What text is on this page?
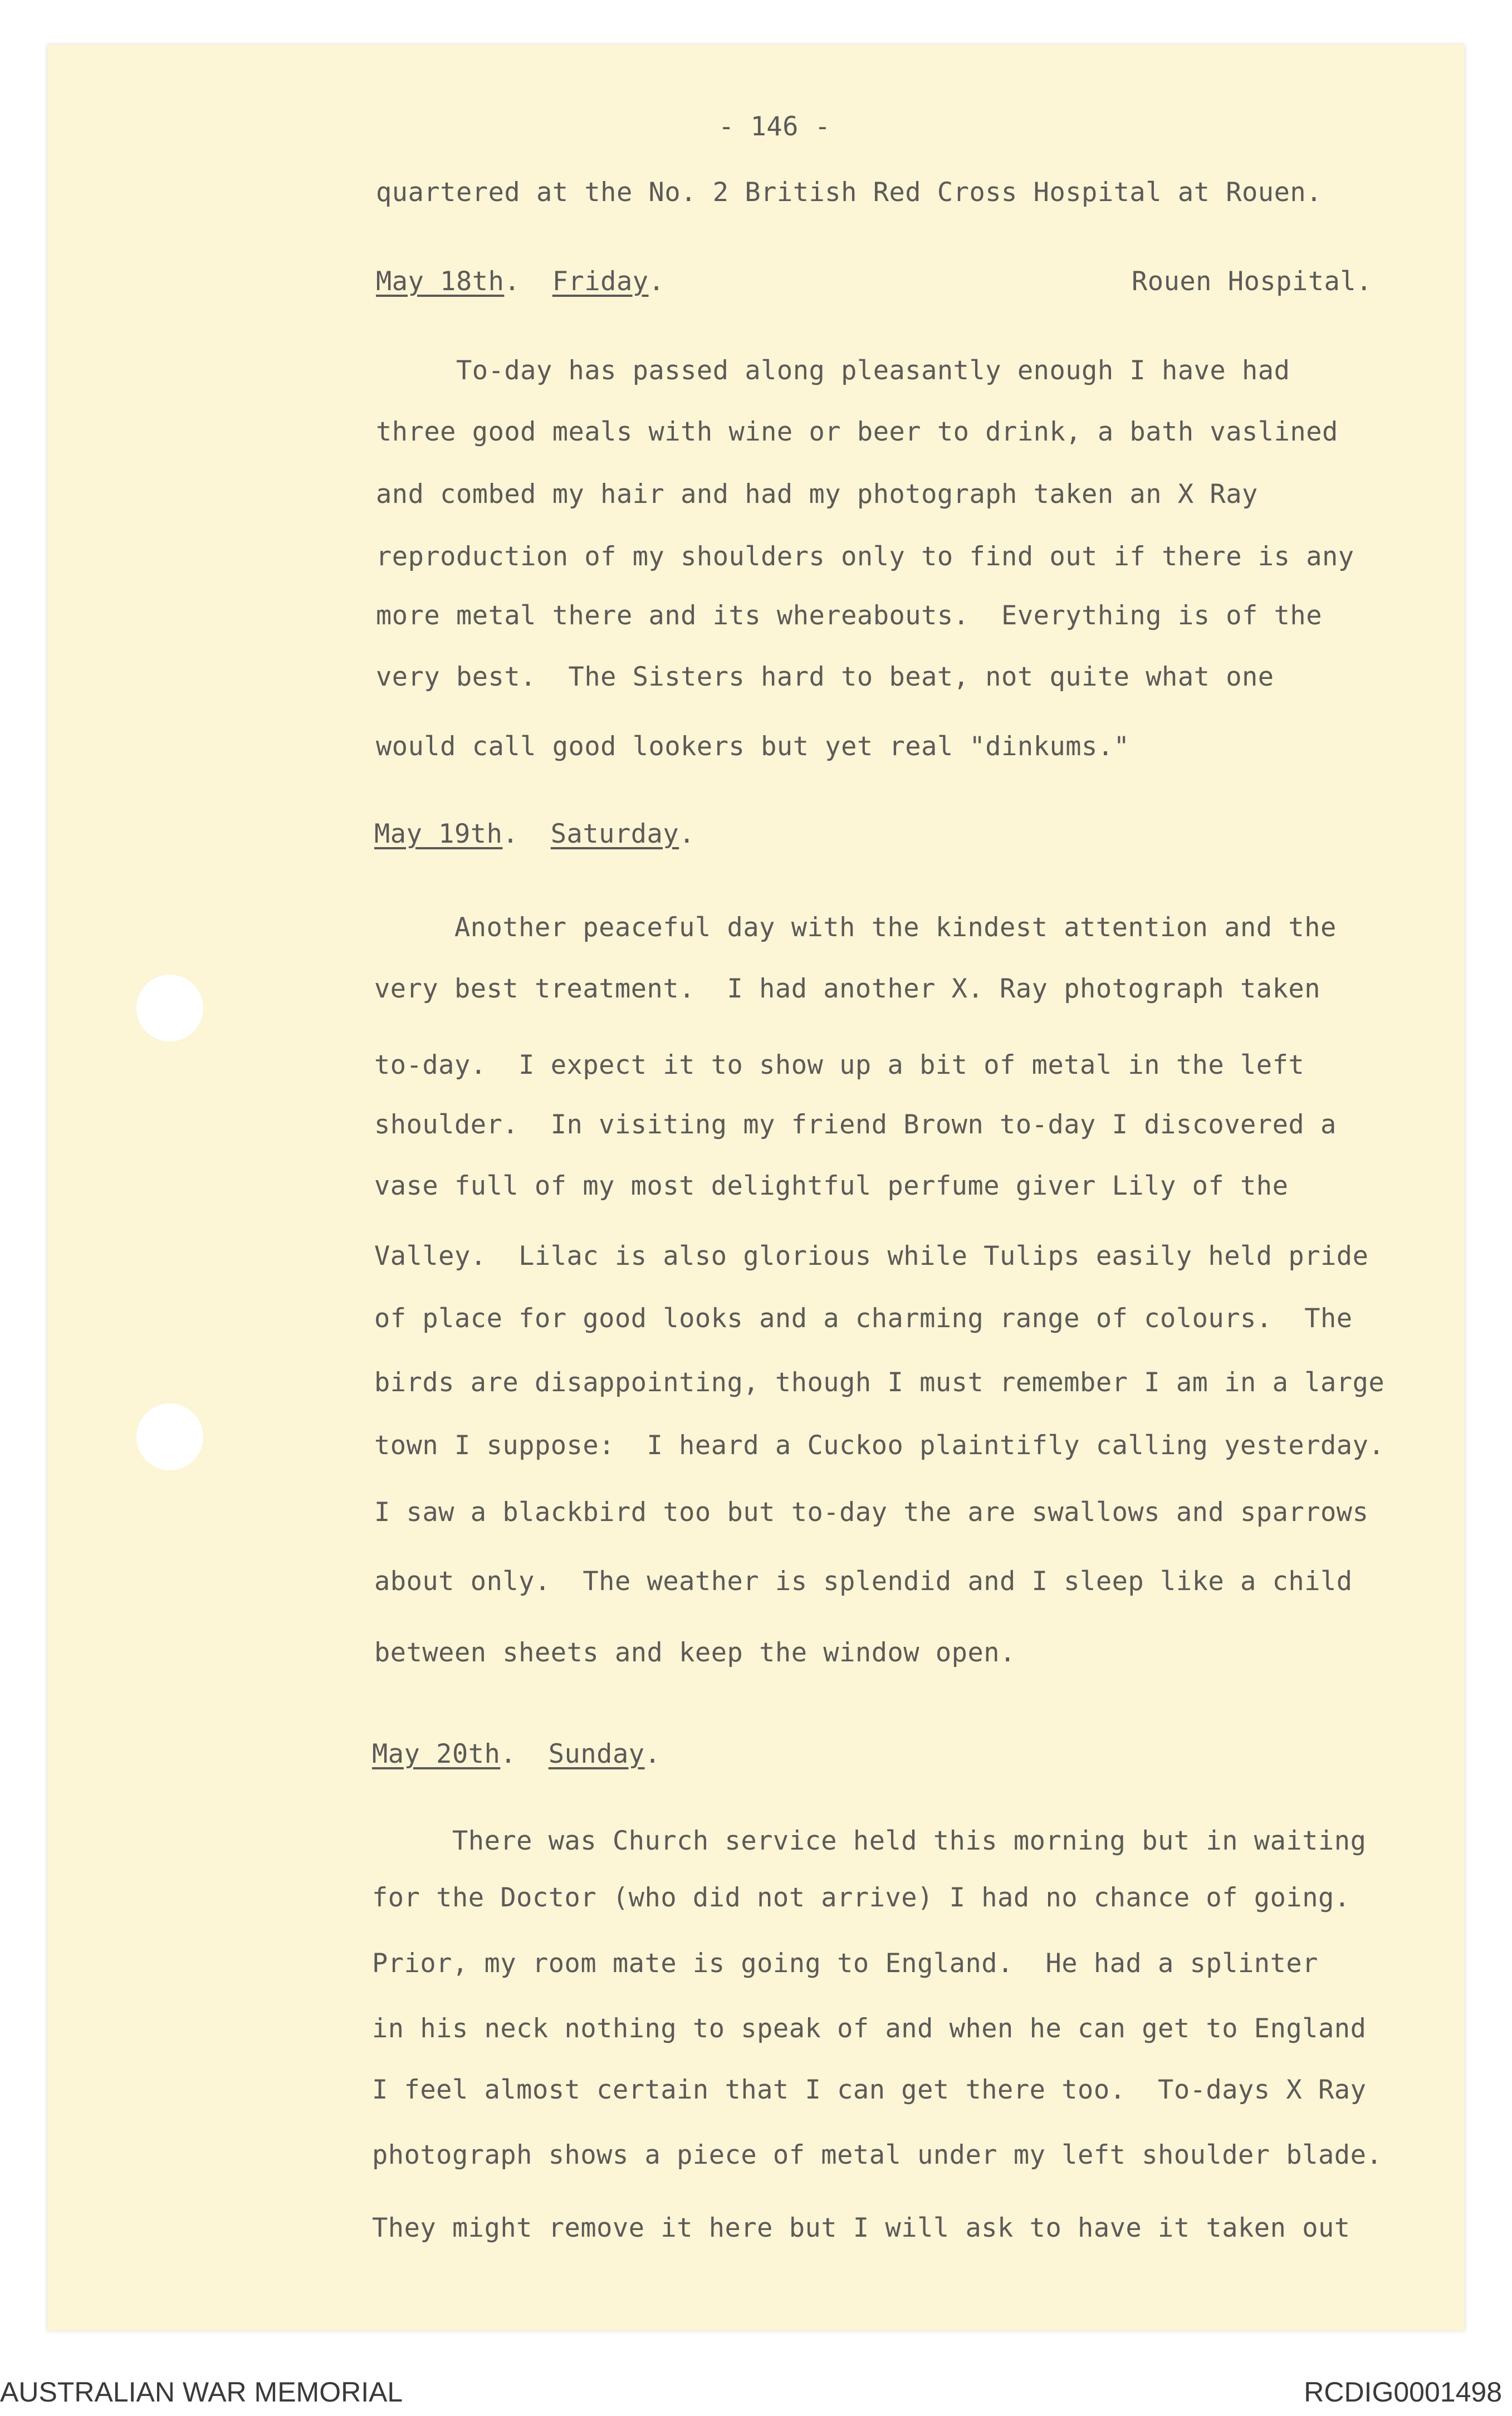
- 146 -
quartered at the No. 2 British Red Cross Hospital at Rouen.
May 18th.  Friday.	Rouen Hospital.
To-day has passed along pleasantly enough I have had
three good meals with wine or beer to drink, a bath vaslined
and combed my hair and had my photograph taken an X Ray
reproduction of my shoulders only to find out if there is any
more metal there and its whereabouts.  Everything is of the
very best.  The Sisters hard to beat, not quite what one
would call good lookers but yet real "dinkums."
May 19th.  Saturday.
Another peaceful day with the kindest attention and the
very best treatment.  I had another X. Ray photograph taken
to-day.  I expect it to show up a bit of metal in the left
shoulder.  In visiting my friend Brown to-day I discovered a
vase full of my most delightful perfume giver Lily of the
Valley.  Lilac is also glorious while Tulips easily held pride
of place for good looks and a charming range of colours.  The
birds are disappointing, though I must remember I am in a large
town I suppose:  I heard a Cuckoo plaintifly calling yesterday.
I saw a blackbird too but to-day the are swallows and sparrows
about only.  The weather is splendid and I sleep like a child
between sheets and keep the window open.
May 20th.  Sunday.
There was Church service held this morning but in waiting
for the Doctor (who did not arrive) I had no chance of going.
Prior, my room mate is going to England.  He had a splinter
in his neck nothing to speak of and when he can get to England
I feel almost certain that I can get there too.  To-days X Ray
photograph shows a piece of metal under my left shoulder blade.
They might remove it here but I will ask to have it taken out
AUSTRALIAN WAR MEMORIAL	RCDIG0001498
